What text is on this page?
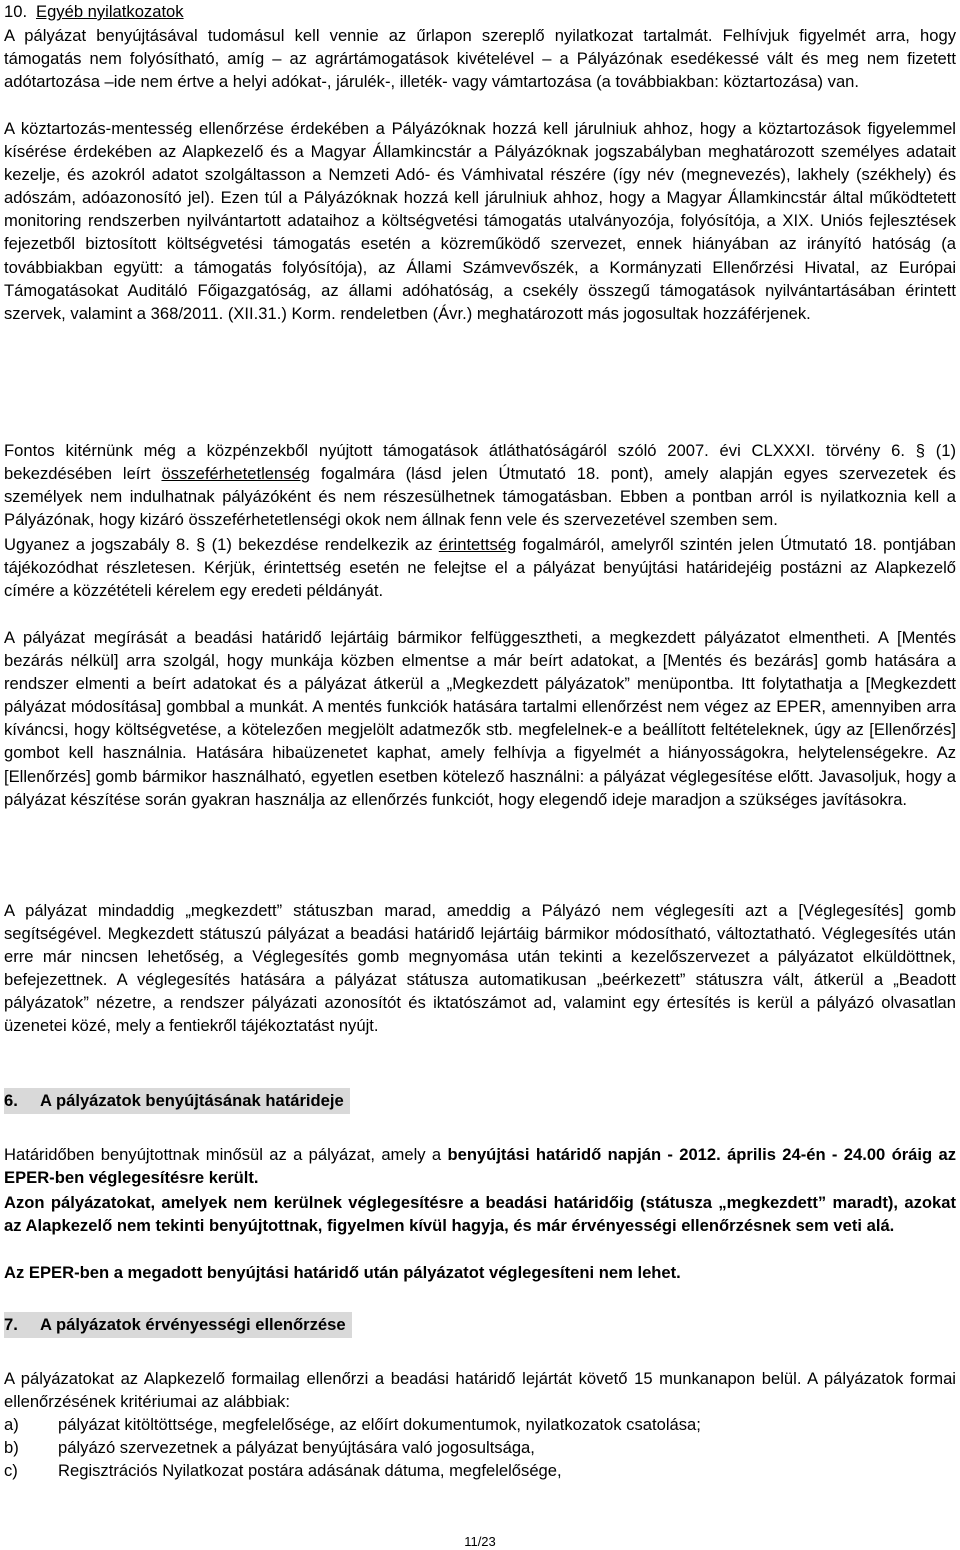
10. Egyéb nyilatkozatok

A pályázat benyújtásával tudomásul kell vennie az űrlapon szereplő nyilatkozat tartalmát. Felhívjuk figyelmét arra, hogy támogatás nem folyósítható, amíg – az agrártámogatások kivételével – a Pályázónak esedékessé vált és meg nem fizetett adótartozása –ide nem értve a helyi adókat-, járulék-, illeték- vagy vámtartozása (a továbbiakban: köztartozása) van.

A köztartozás-mentesség ellenőrzése érdekében a Pályázóknak hozzá kell járulniuk ahhoz, hogy a köztartozások figyelemmel kísérése érdekében az Alapkezelő és a Magyar Államkincstár a Pályázóknak jogszabályban meghatározott személyes adatait kezelje, és azokról adatot szolgáltasson a Nemzeti Adó- és Vámhivatal részére (így név (megnevezés), lakhely (székhely) és adószám, adóazonosító jel). Ezen túl a Pályázóknak hozzá kell járulniuk ahhoz, hogy a Magyar Államkincstár által működtetett monitoring rendszerben nyilvántartott adataihoz a költségvetési támogatás utalványozója, folyósítója, a XIX. Uniós fejlesztések fejezetből biztosított költségvetési támogatás esetén a közreműködő szervezet, ennek hiányában az irányító hatóság (a továbbiakban együtt: a támogatás folyósítója), az Állami Számvevőszék, a Kormányzati Ellenőrzési Hivatal, az Európai Támogatásokat Auditáló Főigazgatóság, az állami adóhatóság, a csekély összegű támogatások nyilvántartásában érintett szervek, valamint a 368/2011. (XII.31.) Korm. rendeletben (Ávr.) meghatározott más jogosultak hozzáférjenek.

Fontos kitérnünk még a közpénzekből nyújtott támogatások átláthatóságáról szóló 2007. évi CLXXXI. törvény 6. § (1) bekezdésében leírt összeférhetetlenség fogalmára (lásd jelen Útmutató 18. pont), amely alapján egyes szervezetek és személyek nem indulhatnak pályázóként és nem részesülhetnek támogatásban. Ebben a pontban arról is nyilatkoznia kell a Pályázónak, hogy kizáró összeférhetetlenségi okok nem állnak fenn vele és szervezetével szemben sem.

Ugyanez a jogszabály 8. § (1) bekezdése rendelkezik az érintettség fogalmáról, amelyről szintén jelen Útmutató 18. pontjában tájékozódhat részletesen. Kérjük, érintettség esetén ne felejtse el a pályázat benyújtási határidejéig postázni az Alapkezelő címére a közzétételi kérelem egy eredeti példányát.

A pályázat megírását a beadási határidő lejártáig bármikor felfüggesztheti, a megkezdett pályázatot elmentheti. A [Mentés bezárás nélkül] arra szolgál, hogy munkája közben elmentse a már beírt adatokat, a [Mentés és bezárás] gomb hatására a rendszer elmenti a beírt adatokat és a pályázat átkerül a „Megkezdett pályázatok” menüpontba. Itt folytathatja a [Megkezdett pályázat módosítása] gombbal a munkát. A mentés funkciók hatására tartalmi ellenőrzést nem végez az EPER, amennyiben arra kíváncsi, hogy költségvetése, a kötelezően megjelölt adatmezők stb. megfelelnek-e a beállított feltételeknek, úgy az [Ellenőrzés] gombot kell használnia. Hatására hibaüzenetet kaphat, amely felhívja a figyelmét a hiányosságokra, helytelenségekre. Az [Ellenőrzés] gomb bármikor használható, egyetlen esetben kötelező használni: a pályázat véglegesítése előtt. Javasoljuk, hogy a pályázat készítése során gyakran használja az ellenőrzés funkciót, hogy elegendő ideje maradjon a szükséges javításokra.

A pályázat mindaddig „megkezdett” státuszban marad, ameddig a Pályázó nem véglegesíti azt a [Véglegesítés] gomb segítségével. Megkezdett státuszú pályázat a beadási határidő lejártáig bármikor módosítható, változtatható. Véglegesítés után erre már nincsen lehetőség, a Véglegesítés gomb megnyomása után tekinti a kezelőszervezet a pályázatot elküldöttnek, befejezettnek. A véglegesítés hatására a pályázat státusza automatikusan „beérkezett” státuszra vált, átkerül a „Beadott pályázatok” nézetre, a rendszer pályázati azonosítót és iktatószámot ad, valamint egy értesítés is kerül a pályázó olvasatlan üzenetei közé, mely a fentiekről tájékoztatást nyújt.

6. A pályázatok benyújtásának határideje

Határidőben benyújtottnak minősül az a pályázat, amely a benyújtási határidő napján - 2012. április 24-én - 24.00 óráig az EPER-ben véglegesítésre került.

Azon pályázatokat, amelyek nem kerülnek véglegesítésre a beadási határidőig (státusza „megkezdett” maradt), azokat az Alapkezelő nem tekinti benyújtottnak, figyelmen kívül hagyja, és már érvényességi ellenőrzésnek sem veti alá.

Az EPER-ben a megadott benyújtási határidő után pályázatot véglegesíteni nem lehet.

7. A pályázatok érvényességi ellenőrzése

A pályázatokat az Alapkezelő formailag ellenőrzi a beadási határidő lejártát követő 15 munkanapon belül. A pályázatok formai ellenőrzésének kritériumai az alábbiak:

a)	pályázat kitöltöttsége, megfelelősége, az előírt dokumentumok, nyilatkozatok csatolása;
b)	pályázó szervezetnek a pályázat benyújtására való jogosultsága,
c)	Regisztrációs Nyilatkozat postára adásának dátuma, megfelelősége,
11/23
